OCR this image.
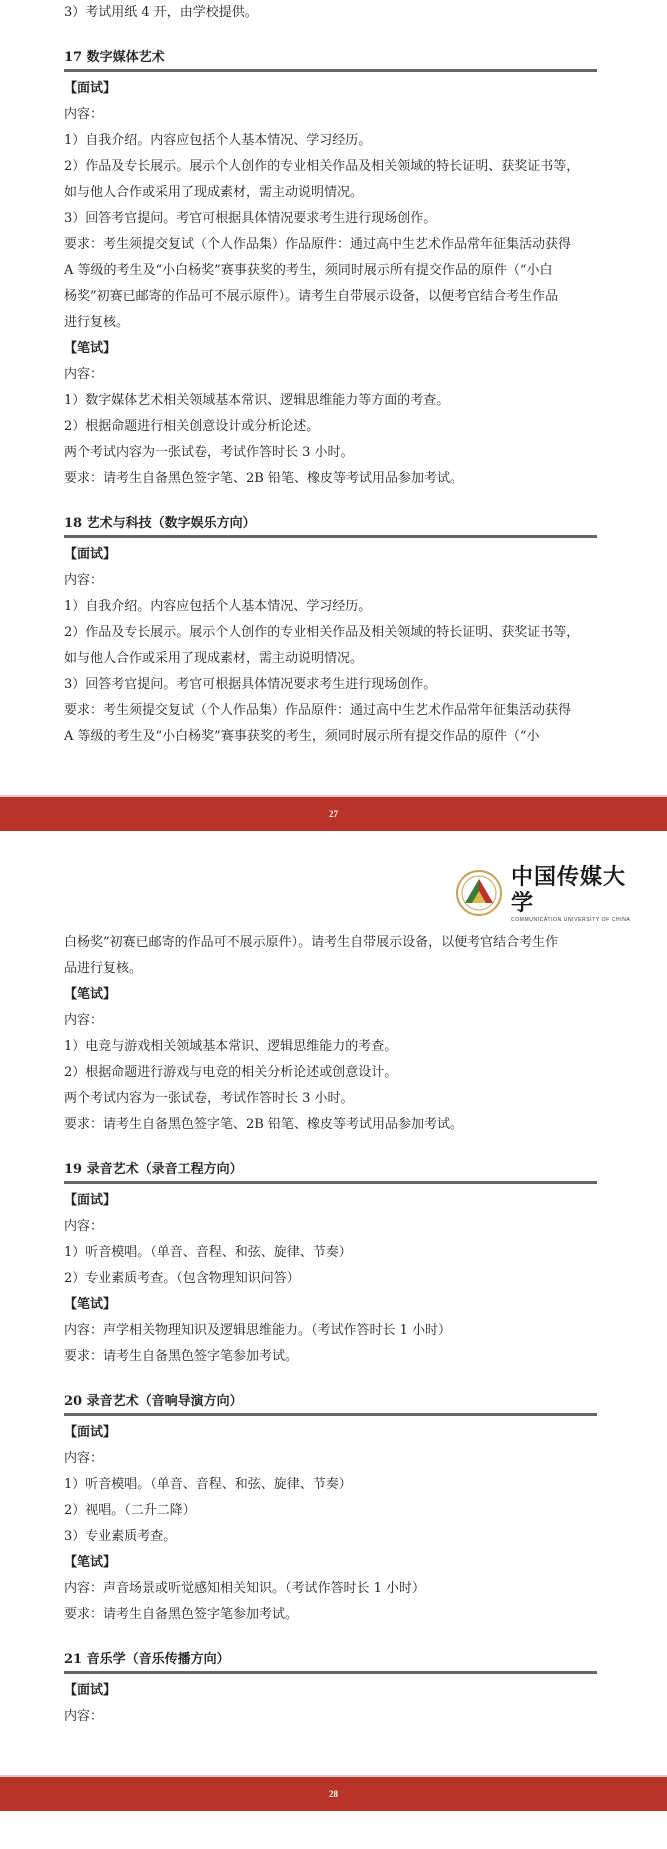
3）考试用纸 4 开，由学校提供。
17 数字媒体艺术
【面试】
内容：
1）自我介绍。内容应包括个人基本情况、学习经历。
2）作品及专长展示。展示个人创作的专业相关作品及相关领域的特长证明、获奖证书等，
如与他人合作或采用了现成素材，需主动说明情况。
3）回答考官提问。考官可根据具体情况要求考生进行现场创作。
要求：考生须提交复试（个人作品集）作品原件：通过高中生艺术作品常年征集活动获得
A 等级的考生及“小白杨奖”赛事获奖的考生，须同时展示所有提交作品的原件（“小白
杨奖”初赛已邮寄的作品可不展示原件）。请考生自带展示设备，以便考官结合考生作品
进行复核。
【笔试】
内容：
1）数字媒体艺术相关领域基本常识、逻辑思维能力等方面的考查。
2）根据命题进行相关创意设计或分析论述。
两个考试内容为一张试卷，考试作答时长 3 小时。
要求：请考生自备黑色签字笔、2B 铅笔、橡皮等考试用品参加考试。
18 艺术与科技（数字娱乐方向）
【面试】
内容：
1）自我介绍。内容应包括个人基本情况、学习经历。
2）作品及专长展示。展示个人创作的专业相关作品及相关领域的特长证明、获奖证书等，
如与他人合作或采用了现成素材，需主动说明情况。
3）回答考官提问。考官可根据具体情况要求考生进行现场创作。
要求：考生须提交复试（个人作品集）作品原件：通过高中生艺术作品常年征集活动获得
A 等级的考生及“小白杨奖”赛事获奖的考生，须同时展示所有提交作品的原件（“小
27
白杨奖”初赛已邮寄的作品可不展示原件）。请考生自带展示设备，以便考官结合考生作
品进行复核。
【笔试】
内容：
1）电竞与游戏相关领域基本常识、逻辑思维能力的考查。
2）根据命题进行游戏与电竞的相关分析论述或创意设计。
两个考试内容为一张试卷，考试作答时长 3 小时。
要求：请考生自备黑色签字笔、2B 铅笔、橡皮等考试用品参加考试。
19 录音艺术（录音工程方向）
【面试】
内容：
1）听音模唱。（单音、音程、和弦、旋律、节奏）
2）专业素质考查。（包含物理知识问答）
【笔试】
内容：声学相关物理知识及逻辑思维能力。（考试作答时长 1 小时）
要求：请考生自备黑色签字笔参加考试。
20 录音艺术（音响导演方向）
【面试】
内容：
1）听音模唱。（单音、音程、和弦、旋律、节奏）
2）视唱。（二升二降）
3）专业素质考查。
【笔试】
内容：声音场景或听觉感知相关知识。（考试作答时长 1 小时）
要求：请考生自备黑色签字笔参加考试。
21 音乐学（音乐传播方向）
【面试】
内容：
中国传媒大学
COMMUNICATION UNIVERSITY OF CHINA
28
